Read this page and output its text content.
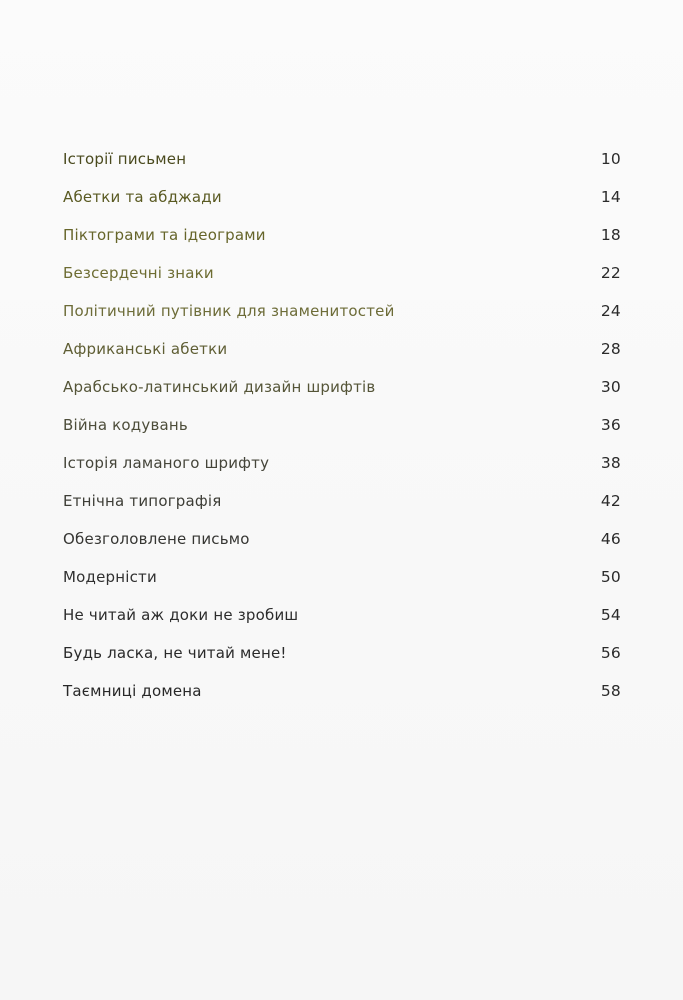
Історії письмен	10
Абетки та абджади	14
Піктограми та ідеограми	18
Безсердечні знаки	22
Політичний путівник для знаменитостей	24
Африканські абетки	28
Арабсько-латинський дизайн шрифтів	30
Війна кодувань	36
Історія ламаного шрифту	38
Етнічна типографія	42
Обезголовлене письмо	46
Модерністи	50
Не читай аж доки не зробиш	54
Будь ласка, не читай мене!	56
Таємниці домена	58
